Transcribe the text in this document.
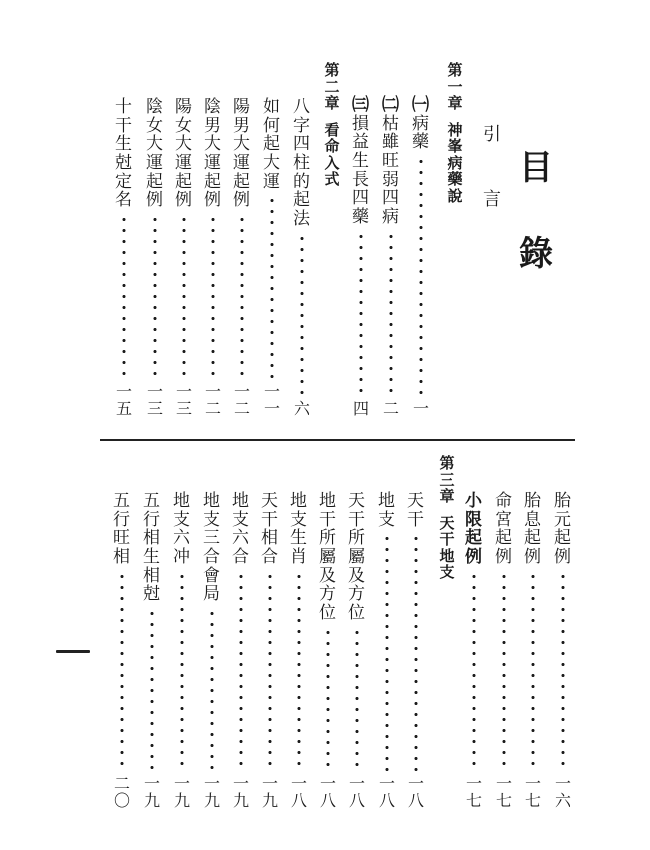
目
錄
引
言
第
一
章
神
峯
病
藥
說
㈠
病
藥
一
㈡
枯
雖
旺
弱
四
病
二
㈢
損
益
生
長
四
藥
四
第
二
章
看
命
入
式
八
字
四
柱
的
起
法
六
如
何
起
大
運
一
一
陽
男
大
運
起
例
一
二
陰
男
大
運
起
例
一
二
陽
女
大
運
起
例
一
三
陰
女
大
運
起
例
一
三
十
干
生
尅
定
名
一
五
胎
元
起
例
一
六
胎
息
起
例
一
七
命
宮
起
例
一
七
小
限
起
例
一
七
第
三
章
天
干
地
支
天
干
一
八
地
支
一
八
天
干
所
屬
及
方
位
一
八
地
干
所
屬
及
方
位
一
八
地
支
生
肖
一
八
天
干
相
合
一
九
地
支
六
合
一
九
地
支
三
合
會
局
一
九
地
支
六
冲
一
九
五
行
相
生
相
尅
一
九
五
行
旺
相
二
〇
